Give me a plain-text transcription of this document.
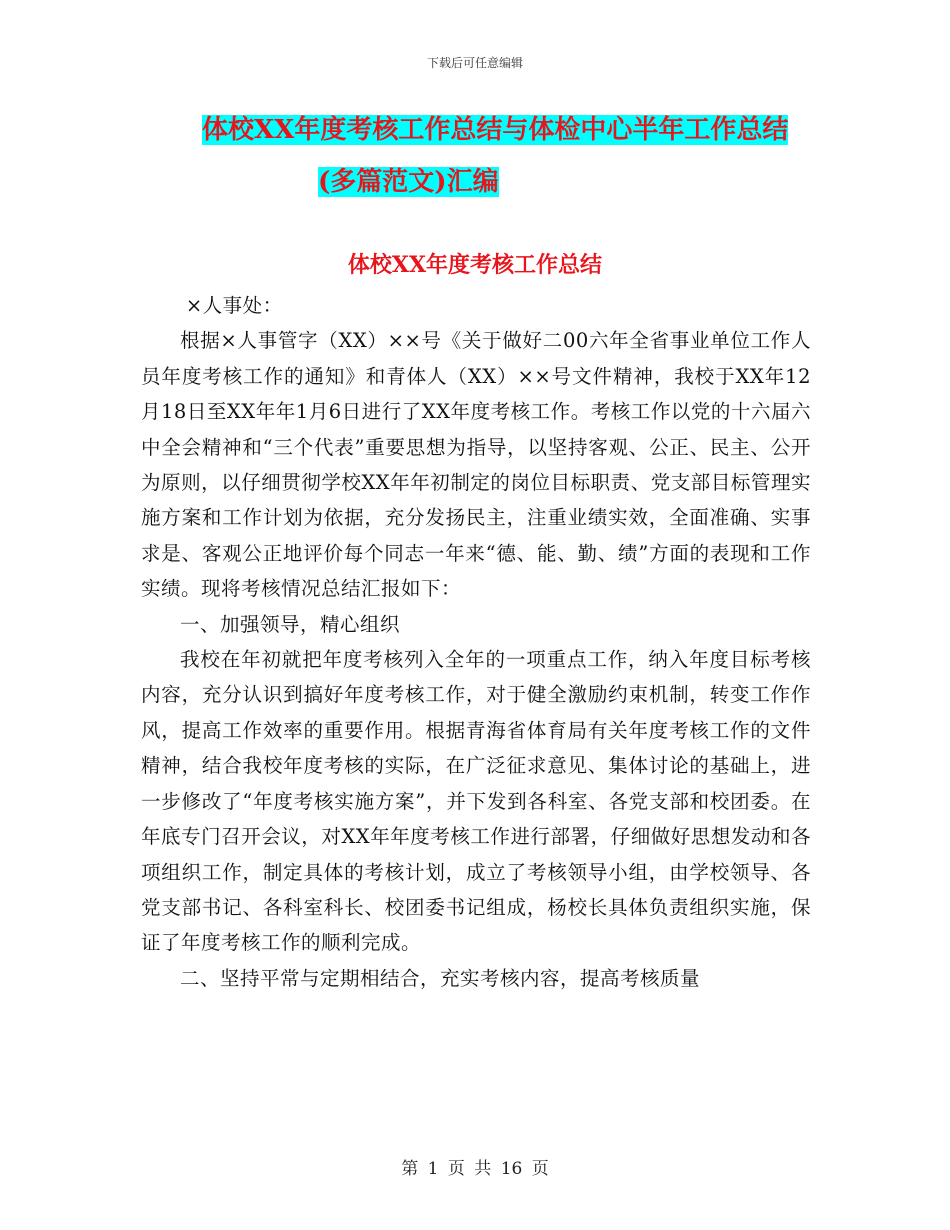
下载后可任意编辑
体校XX年度考核工作总结与体检中心半年工作总结
(多篇范文)汇编
体校XX年度考核工作总结

×人事处：

根据×人事管字（XX）××号《关于做好二00六年全省事业单位工作人员年度考核工作的通知》和青体人（XX）××号文件精神，我校于XX年12月18日至XX年年1月6日进行了XX年度考核工作。考核工作以党的十六届六中全会精神和“三个代表”重要思想为指导，以坚持客观、公正、民主、公开为原则，以仔细贯彻学校XX年年初制定的岗位目标职责、党支部目标管理实施方案和工作计划为依据，充分发扬民主，注重业绩实效，全面准确、实事求是、客观公正地评价每个同志一年来“德、能、勤、绩”方面的表现和工作实绩。现将考核情况总结汇报如下：

一、加强领导，精心组织

我校在年初就把年度考核列入全年的一项重点工作，纳入年度目标考核内容，充分认识到搞好年度考核工作，对于健全激励约束机制，转变工作作风，提高工作效率的重要作用。根据青海省体育局有关年度考核工作的文件精神，结合我校年度考核的实际，在广泛征求意见、集体讨论的基础上，进一步修改了“年度考核实施方案”，并下发到各科室、各党支部和校团委。在年底专门召开会议，对XX年年度考核工作进行部署，仔细做好思想发动和各项组织工作，制定具体的考核计划，成立了考核领导小组，由学校领导、各党支部书记、各科室科长、校团委书记组成，杨校长具体负责组织实施，保证了年度考核工作的顺利完成。

二、坚持平常与定期相结合，充实考核内容，提高考核质量

第 1 页 共 16 页
